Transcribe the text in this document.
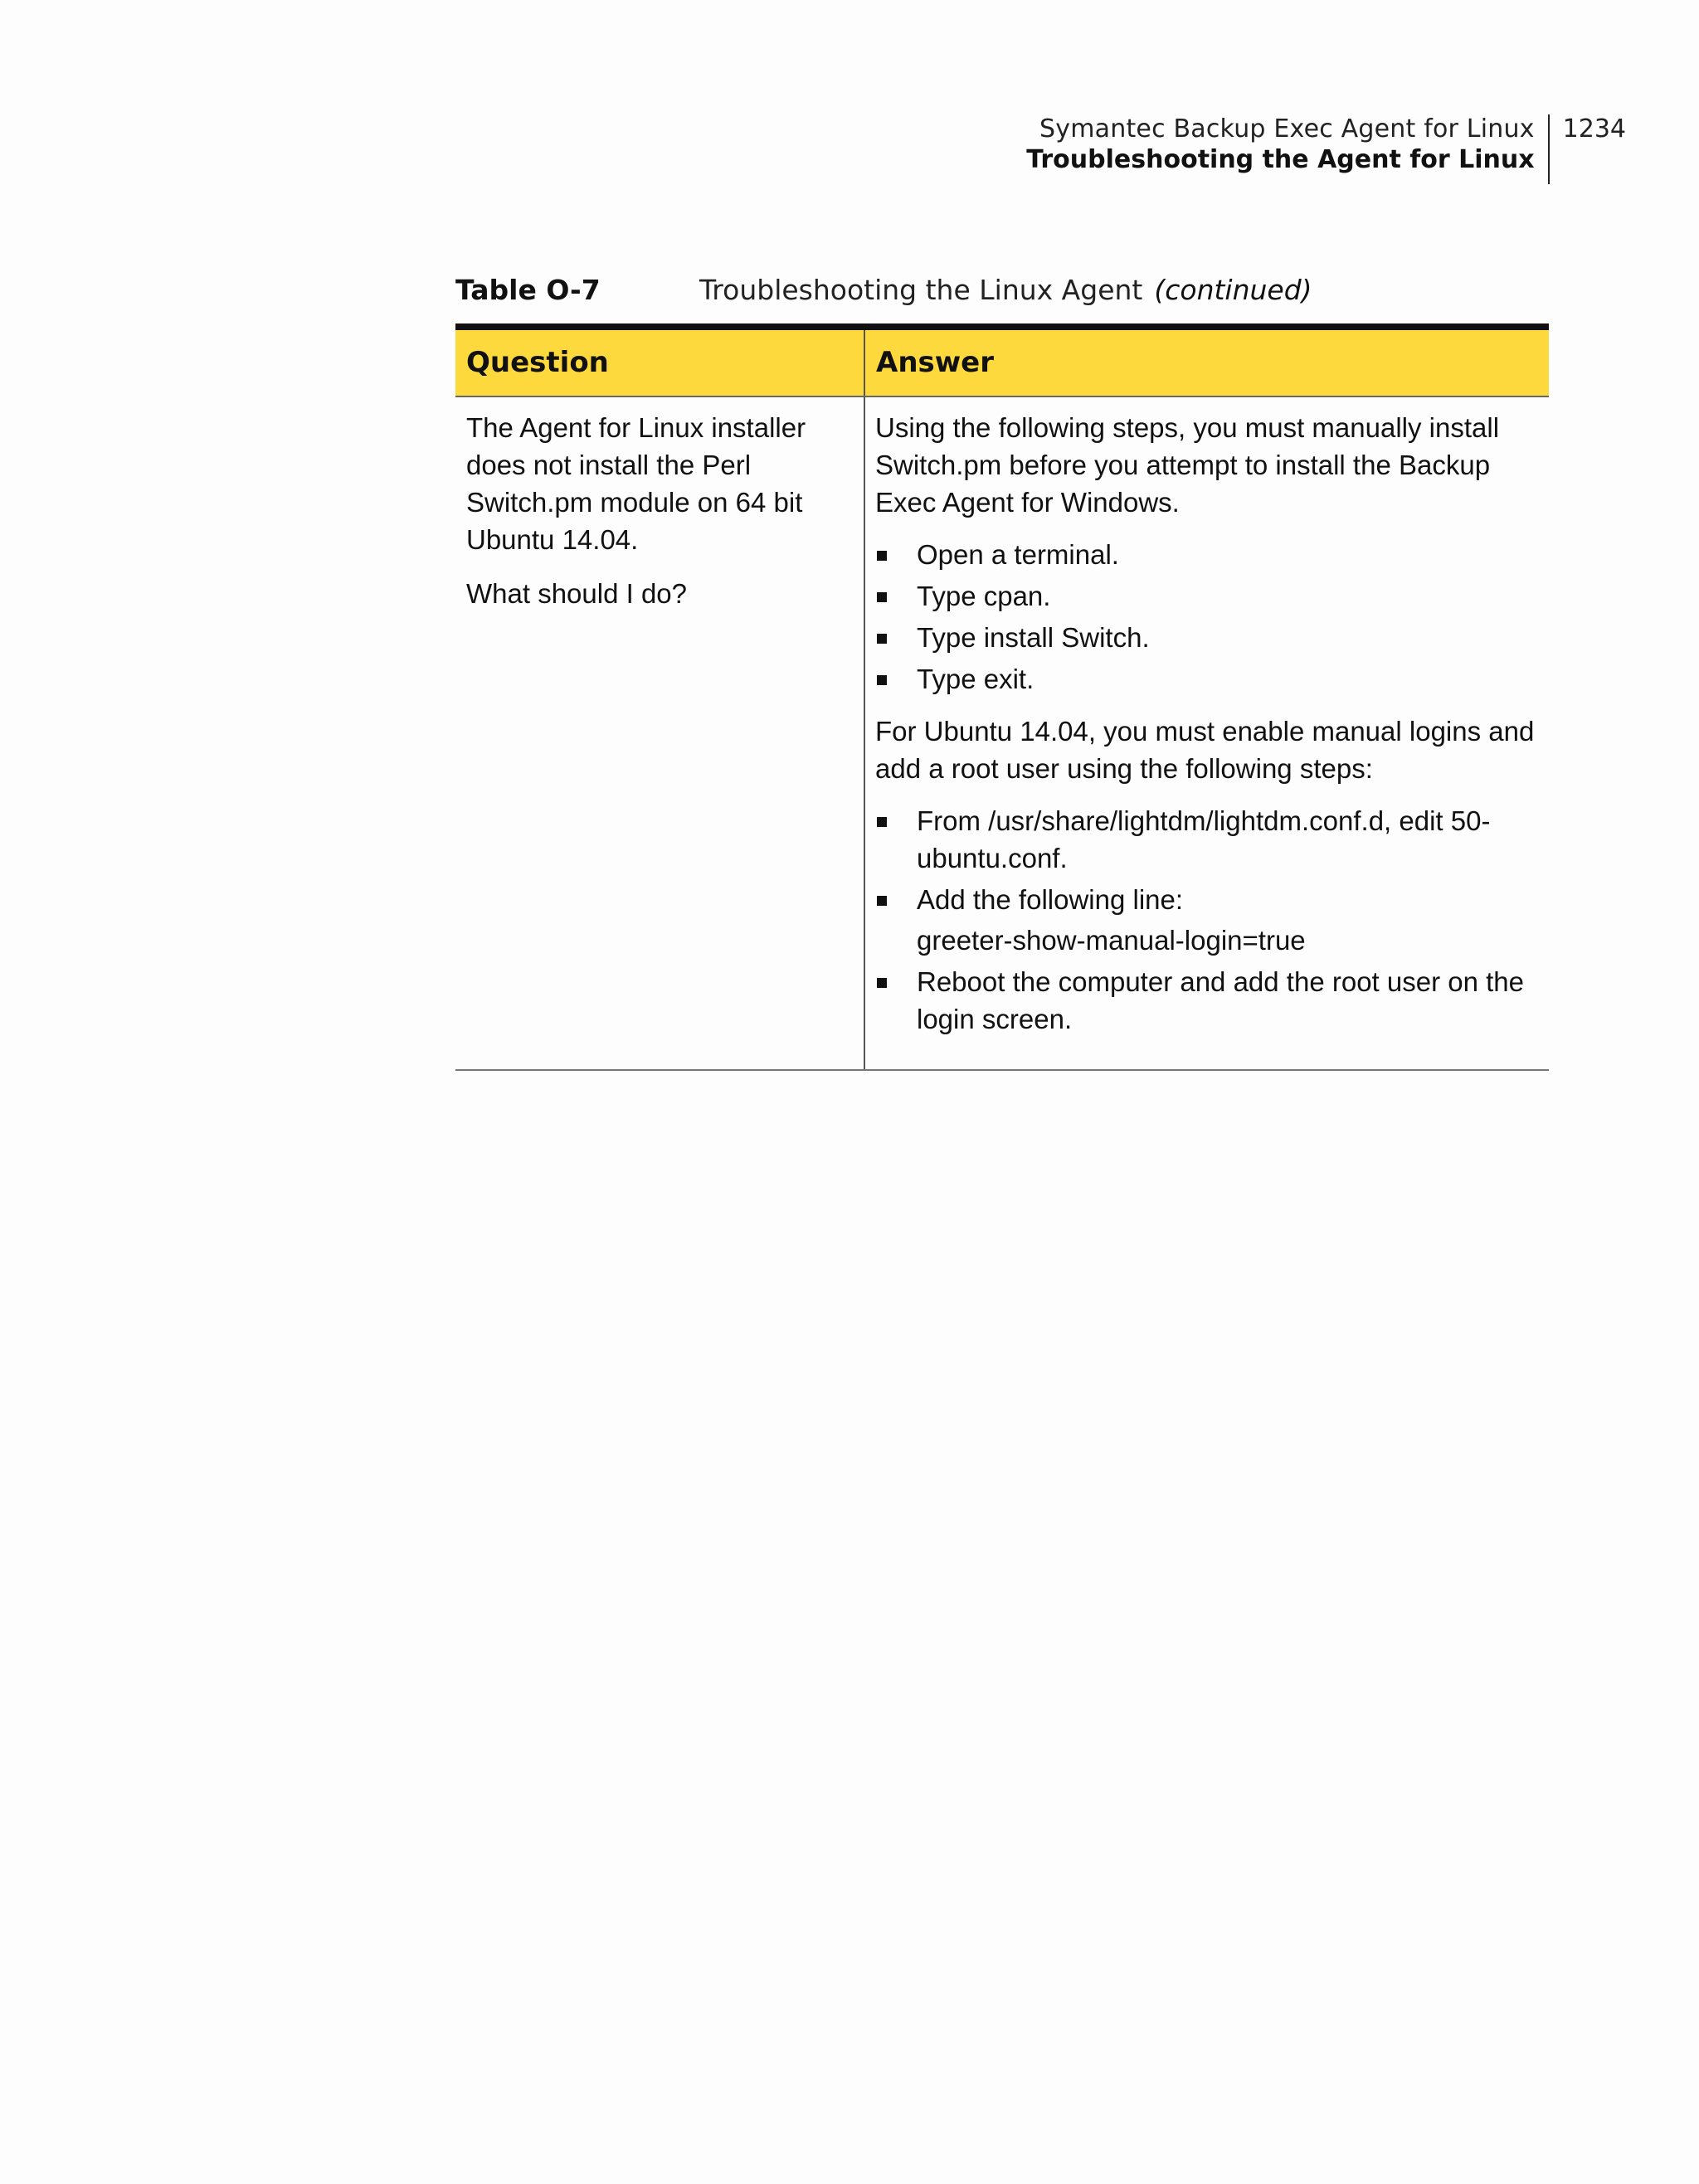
Symantec Backup Exec Agent for Linux
Troubleshooting the Agent for Linux
1234
Table O-7	Troubleshooting the Linux Agent (continued)
Question	Answer

The Agent for Linux installer does not install the Perl Switch.pm module on 64 bit Ubuntu 14.04.

What should I do?

Using the following steps, you must manually install Switch.pm before you attempt to install the Backup Exec Agent for Windows.

Open a terminal.
Type cpan.
Type install Switch.
Type exit.

For Ubuntu 14.04, you must enable manual logins and add a root user using the following steps:

From /usr/share/lightdm/lightdm.conf.d, edit 50-ubuntu.conf.
Add the following line:
greeter-show-manual-login=true
Reboot the computer and add the root user on the login screen.
